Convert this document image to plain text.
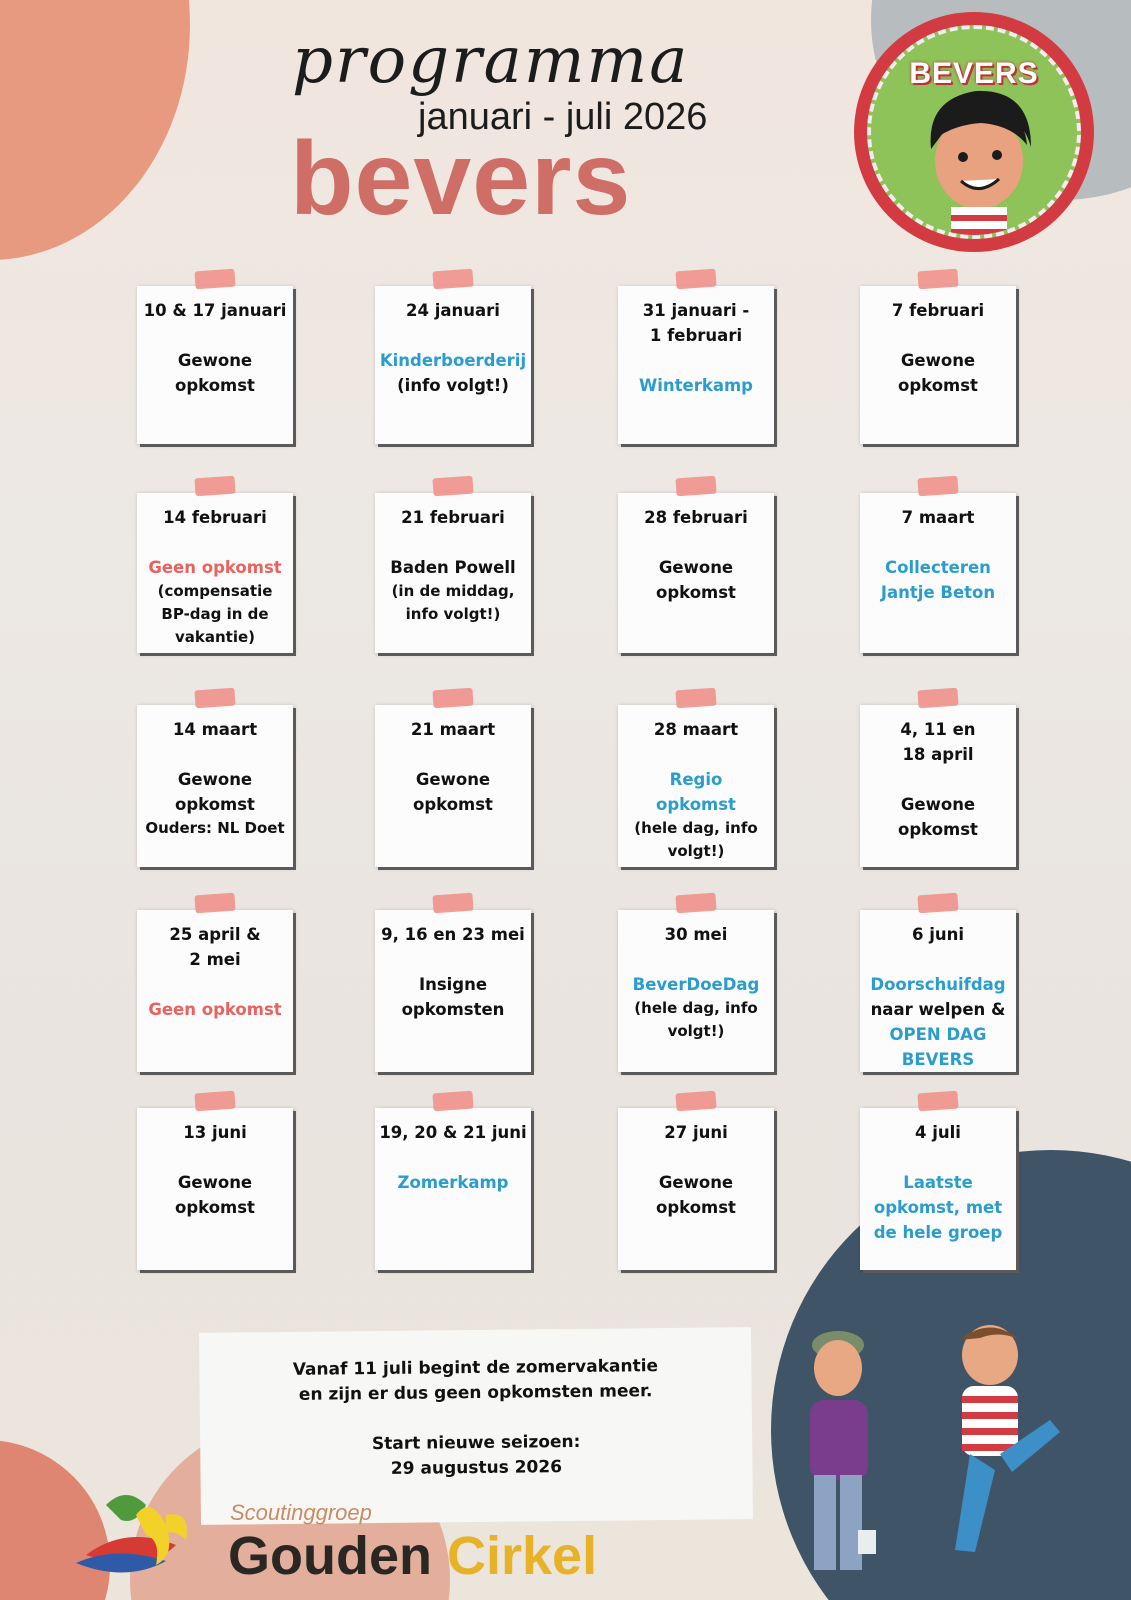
programma
januari - juli 2026
bevers
BEVERS
10 & 17 januari
Gewone
opkomst
24 januari
Kinderboerderij
(info volgt!)
31 januari -
1 februari
Winterkamp
7 februari
Gewone
opkomst
14 februari
Geen opkomst
(compensatie
BP-dag in de
vakantie)
21 februari
Baden Powell
(in de middag,
info volgt!)
28 februari
Gewone
opkomst
7 maart
Collecteren
Jantje Beton
14 maart
Gewone
opkomst
Ouders: NL Doet
21 maart
Gewone
opkomst
28 maart
Regio
opkomst
(hele dag, info
volgt!)
4, 11 en
18 april
Gewone
opkomst
25 april &
2 mei
Geen opkomst
9, 16 en 23 mei
Insigne
opkomsten
30 mei
BeverDoeDag
(hele dag, info
volgt!)
6 juni
Doorschuifdag
naar welpen &
OPEN DAG
BEVERS
13 juni
Gewone
opkomst
19, 20 & 21 juni
Zomerkamp
27 juni
Gewone
opkomst
4 juli
Laatste
opkomst, met
de hele groep
Vanaf 11 juli begint de zomervakantie
en zijn er dus geen opkomsten meer.
Start nieuwe seizoen:
29 augustus 2026
Scoutinggroep
Gouden Cirkel
